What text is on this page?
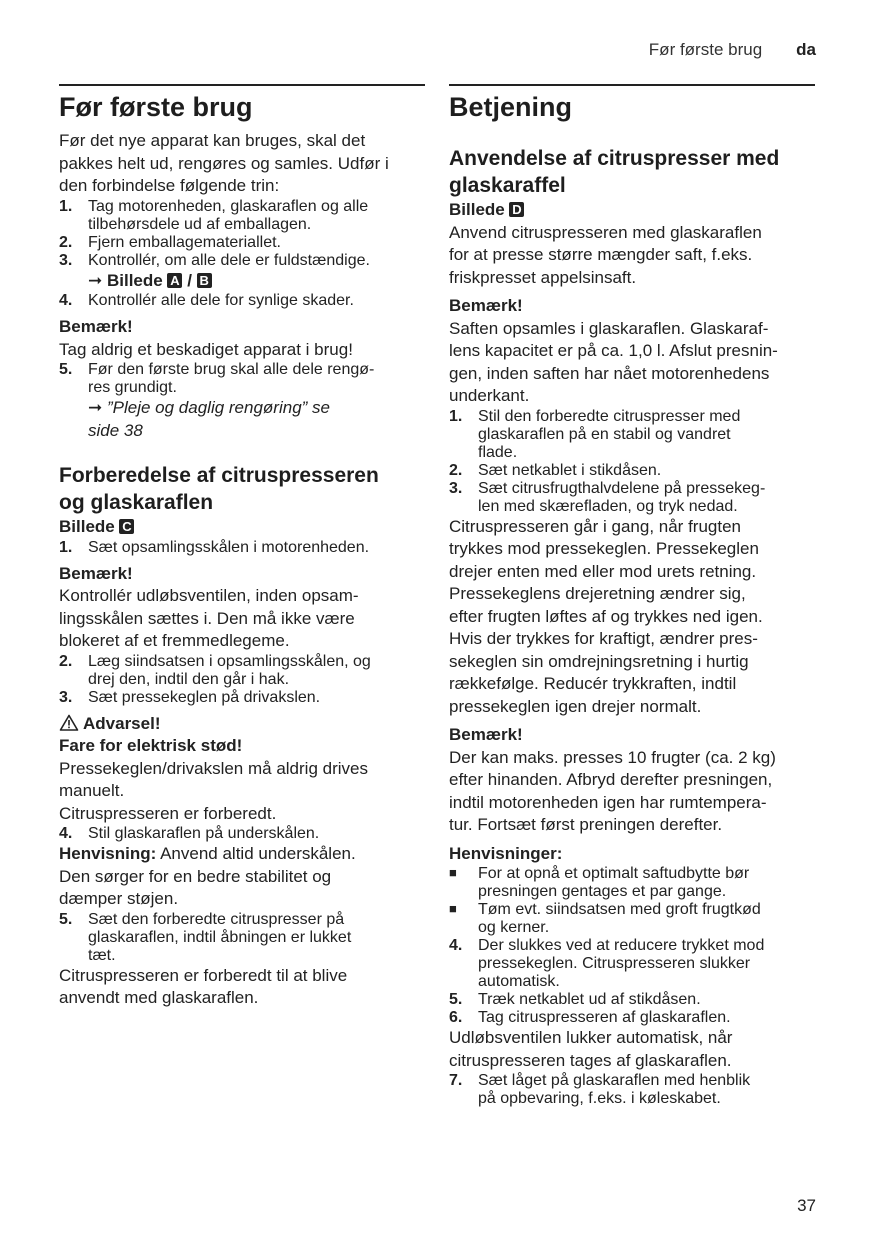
Før første brug da
Før første brug

Før det nye apparat kan bruges, skal det

pakkes helt ud, rengøres og samles. Udfør i

den forbindelse følgende trin:

1. Tag motorenheden, glaskaraflen og alle
tilbehørsdele ud af emballagen.
2. Fjern emballagemateriallet.
3. Kontrollér, om alle dele er fuldstændige.
➞ Billede A / B
4. Kontrollér alle dele for synlige skader.

Bemærk!

Tag aldrig et beskadiget apparat i brug!

5. Før den første brug skal alle dele rengø-
res grundigt.
➞ ”Pleje og daglig rengøring” se
side 38
Forberedelse af citruspresseren
og glaskaraflen

Billede C

1. Sæt opsamlingsskålen i motorenheden.

Bemærk!

Kontrollér udløbsventilen, inden opsam-

lingsskålen sættes i. Den må ikke være

blokeret af et fremmedlegeme.

2. Læg siindsatsen i opsamlingsskålen, og
drej den, indtil den går i hak.
3. Sæt pressekeglen på drivakslen.

Advarsel!

Fare for elektrisk stød!

Pressekeglen/drivakslen må aldrig drives

manuelt.

Citruspresseren er forberedt.

4. Stil glaskaraflen på underskålen.

Henvisning: Anvend altid underskålen.

Den sørger for en bedre stabilitet og

dæmper støjen.

5. Sæt den forberedte citruspresser på
glaskaraflen, indtil åbningen er lukket
tæt.

Citruspresseren er forberedt til at blive

anvendt med glaskaraflen.

Betjening
Anvendelse af citruspresser med
glaskaraffel

Billede D

Anvend citruspresseren med glaskaraflen

for at presse større mængder saft, f.eks.

friskpresset appelsinsaft.

Bemærk!

Saften opsamles i glaskaraflen. Glaskaraf-

lens kapacitet er på ca. 1,0 l. Afslut presnin-

gen, inden saften har nået motorenhedens

underkant.

1. Stil den forberedte citruspresser med
glaskaraflen på en stabil og vandret
flade.
2. Sæt netkablet i stikdåsen.
3. Sæt citrusfrugthalvdelene på pressekeg-
len med skærefladen, og tryk nedad.

Citruspresseren går i gang, når frugten

trykkes mod pressekeglen. Pressekeglen

drejer enten med eller mod urets retning.

Pressekeglens drejeretning ændrer sig,

efter frugten løftes af og trykkes ned igen.

Hvis der trykkes for kraftigt, ændrer pres-

sekeglen sin omdrejningsretning i hurtig

rækkefølge. Reducér trykkraften, indtil

pressekeglen igen drejer normalt.

Bemærk!

Der kan maks. presses 10 frugter (ca. 2 kg)

efter hinanden. Afbryd derefter presningen,

indtil motorenheden igen har rumtempera-

tur. Fortsæt først preningen derefter.

Henvisninger:

■	For at opnå et optimalt saftudbytte bør
presningen gentages et par gange.
■	Tøm evt. siindsatsen med groft frugtkød
og kerner.
4. Der slukkes ved at reducere trykket mod
pressekeglen. Citruspresseren slukker
automatisk.
5. Træk netkablet ud af stikdåsen.
6. Tag citruspresseren af glaskaraflen.

Udløbsventilen lukker automatisk, når

citruspresseren tages af glaskaraflen.

7. Sæt låget på glaskaraflen med henblik
på opbevaring, f.eks. i køleskabet.
37
